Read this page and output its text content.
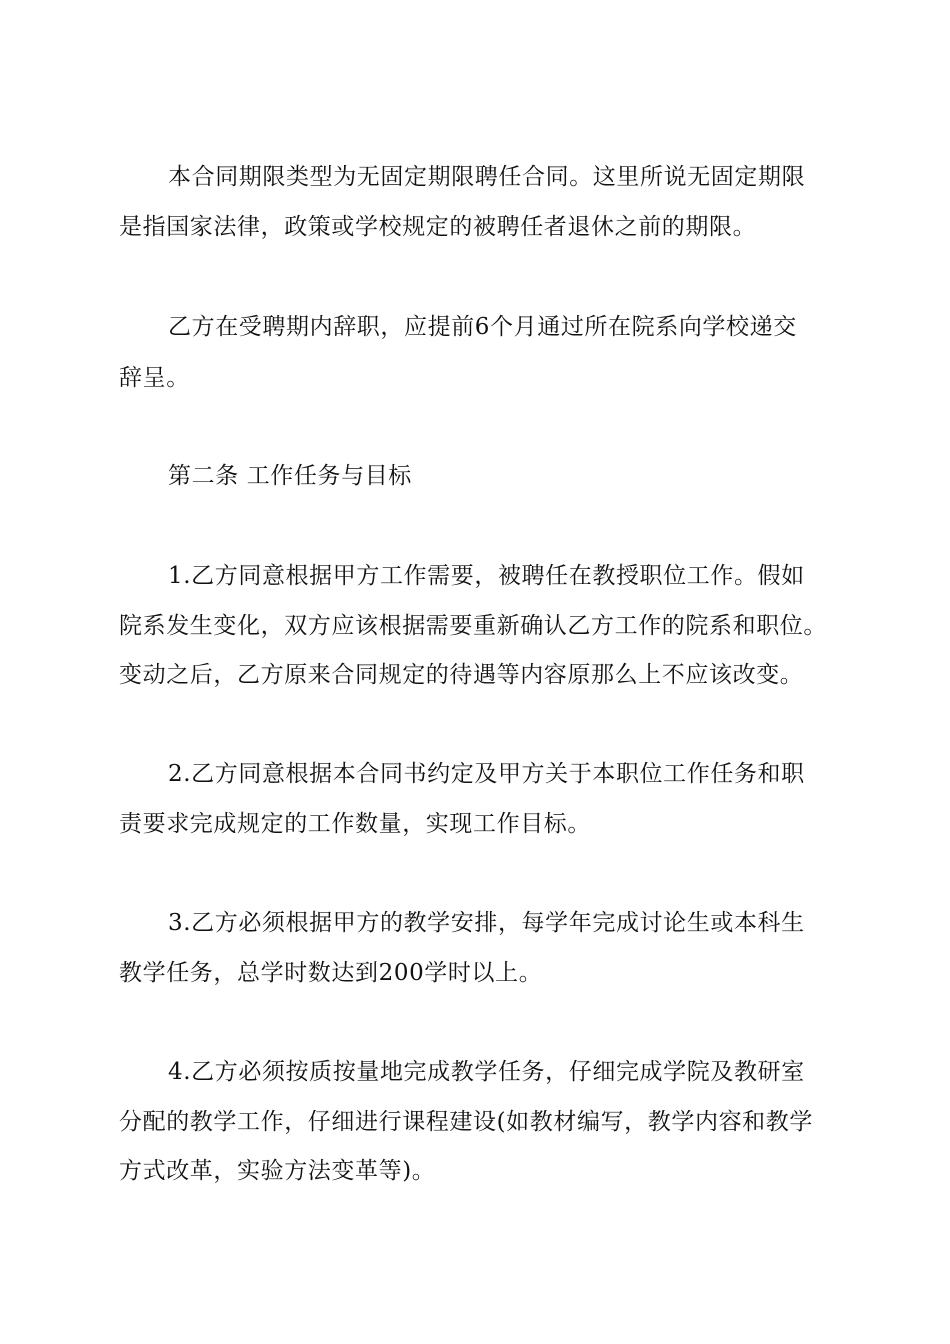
本合同期限类型为无固定期限聘任合同。这里所说无固定期限
是指国家法律，政策或学校规定的被聘任者退休之前的期限。
乙方在受聘期内辞职，应提前6个月通过所在院系向学校递交
辞呈。
第二条 工作任务与目标
1.乙方同意根据甲方工作需要，被聘任在教授职位工作。假如
院系发生变化，双方应该根据需要重新确认乙方工作的院系和职位。
变动之后，乙方原来合同规定的待遇等内容原那么上不应该改变。
2.乙方同意根据本合同书约定及甲方关于本职位工作任务和职
责要求完成规定的工作数量，实现工作目标。
3.乙方必须根据甲方的教学安排，每学年完成讨论生或本科生
教学任务，总学时数达到200学时以上。
4.乙方必须按质按量地完成教学任务，仔细完成学院及教研室
分配的教学工作，仔细进行课程建设(如教材编写，教学内容和教学
方式改革，实验方法变革等)。
